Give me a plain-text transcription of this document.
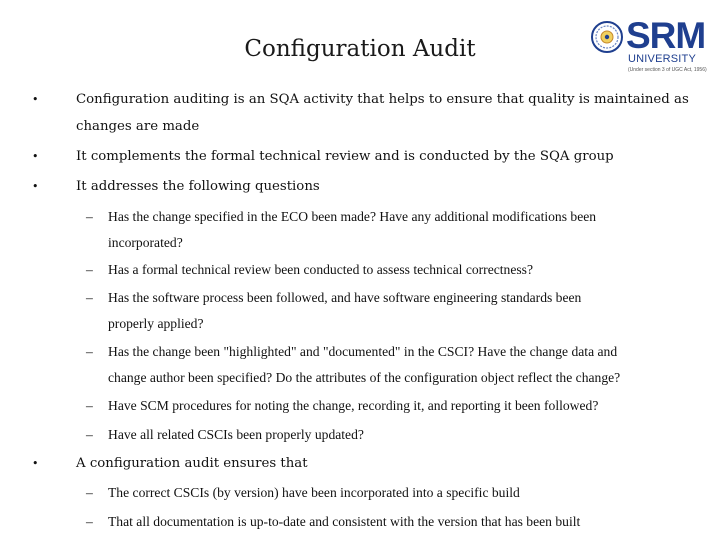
Configuration Audit	SRM
UNIVERSITY
(Under section 3 of UGC Act, 1956)
•	Configuration auditing is an SQA activity that helps to ensure that quality is maintained as
changes are made
•	It complements the formal technical review and is conducted by the SQA group
•	It addresses the following questions
– Has the change specified in the ECO been made? Have any additional modifications been
incorporated?
– Has a formal technical review been conducted to assess technical correctness?
– Has the software process been followed, and have software engineering standards been
properly applied?
– Has the change been "highlighted" and "documented" in the CSCI? Have the change data and
change author been specified? Do the attributes of the configuration object reflect the change?
– Have SCM procedures for noting the change, recording it, and reporting it been followed?
– Have all related CSCIs been properly updated?
•	A configuration audit ensures that
– The correct CSCIs (by version) have been incorporated into a specific build
– That all documentation is up-to-date and consistent with the version that has been built
